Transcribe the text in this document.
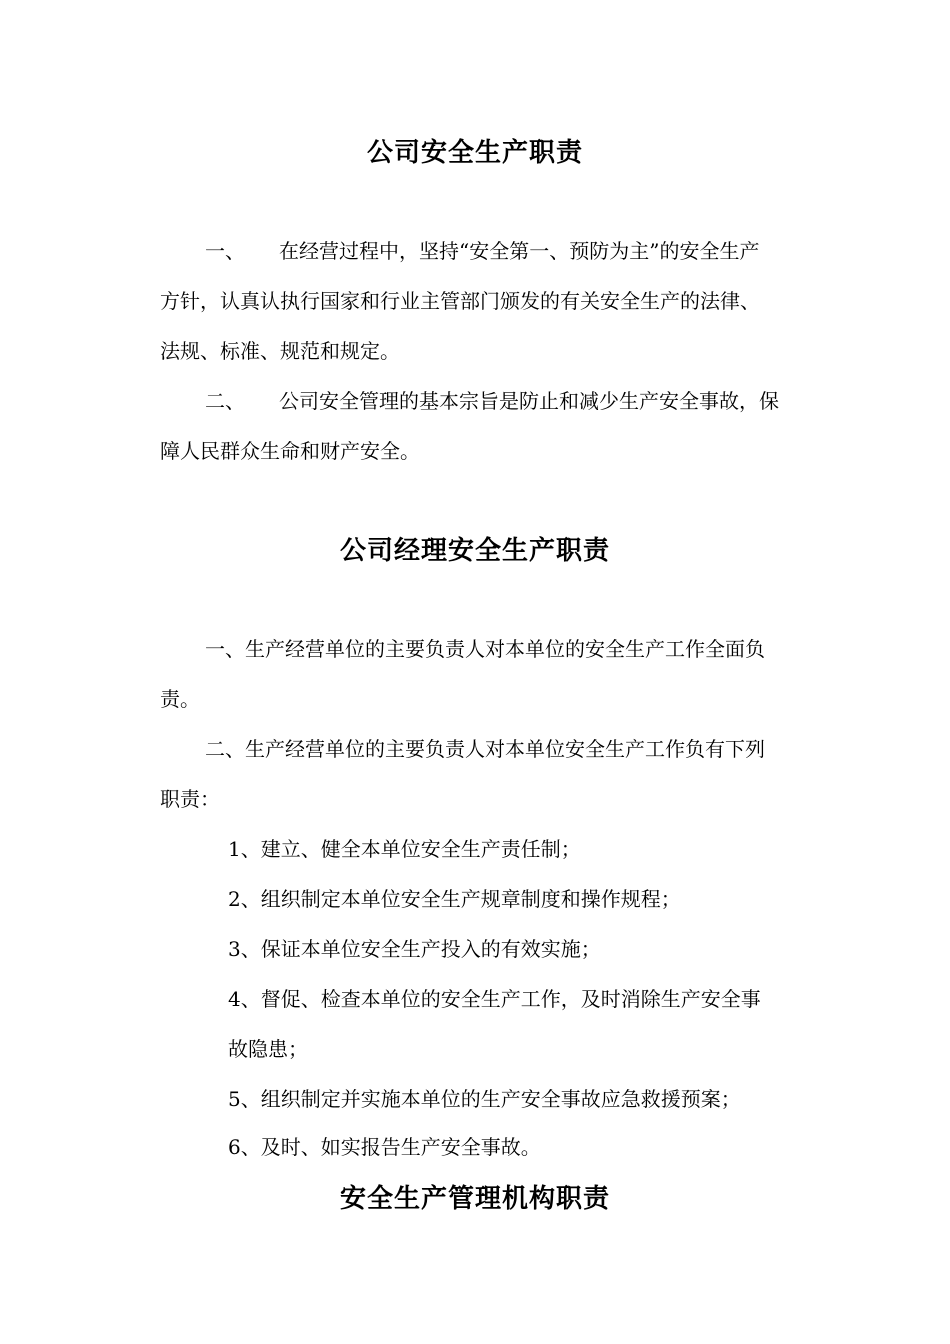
公司安全生产职责
一、 在经营过程中，坚持“安全第一、预防为主”的安全生产
方针，认真认执行国家和行业主管部门颁发的有关安全生产的法律、
法规、标准、规范和规定。
二、 公司安全管理的基本宗旨是防止和减少生产安全事故，保
障人民群众生命和财产安全。
公司经理安全生产职责
一、生产经营单位的主要负责人对本单位的安全生产工作全面负
责。
二、生产经营单位的主要负责人对本单位安全生产工作负有下列
职责：
1、建立、健全本单位安全生产责任制；
2、组织制定本单位安全生产规章制度和操作规程；
3、保证本单位安全生产投入的有效实施；
4、督促、检查本单位的安全生产工作，及时消除生产安全事
故隐患；
5、组织制定并实施本单位的生产安全事故应急救援预案；
6、及时、如实报告生产安全事故。
安全生产管理机构职责
